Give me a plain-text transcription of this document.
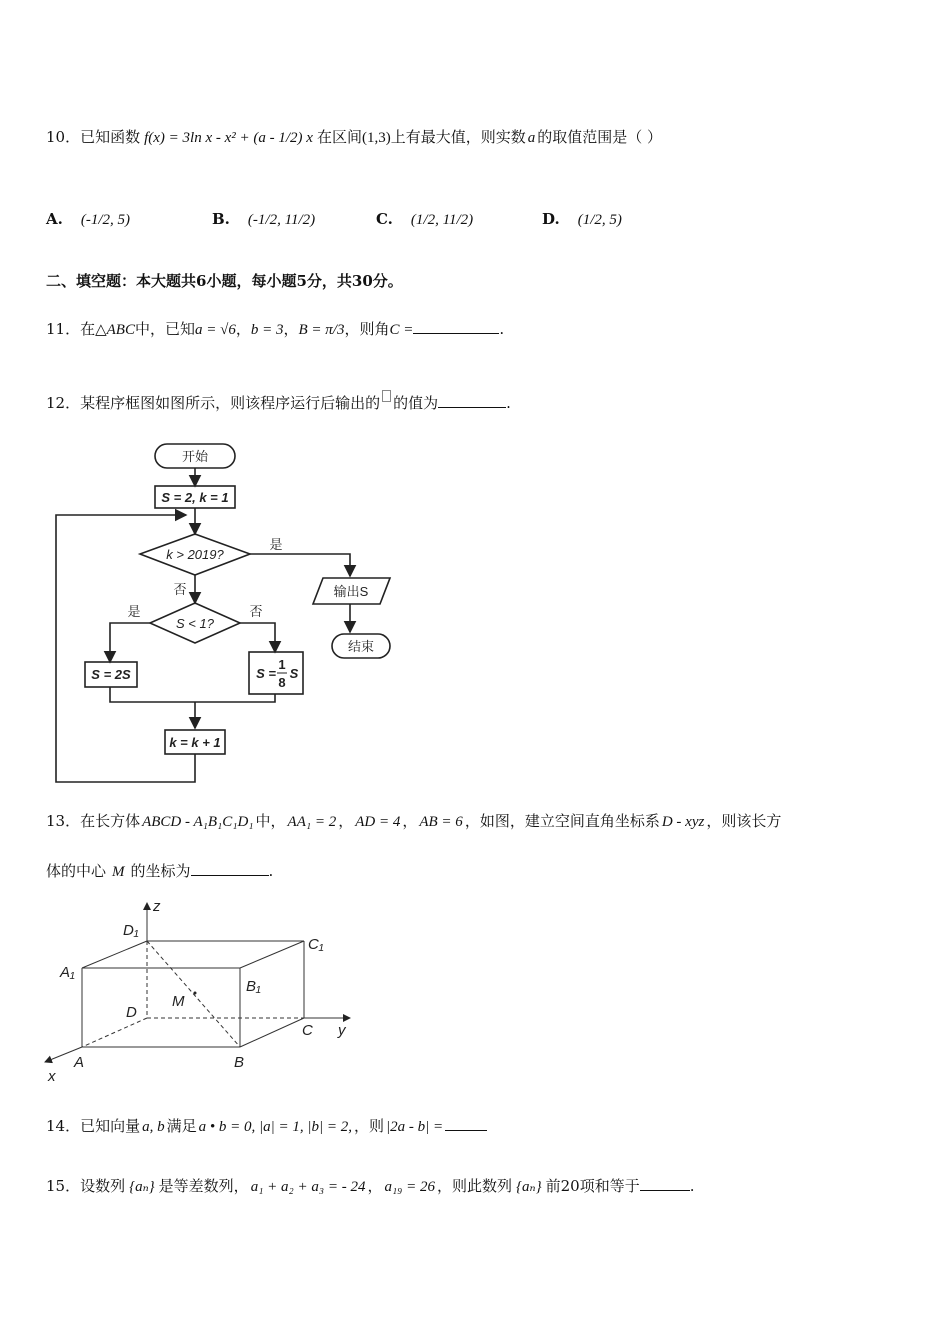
10．已知函数 f(x) = 3ln x - x² + (a - 1/2) x 在区间(1,3)上有最大值，则实数 a 的取值范围是（ ）
A. (-1/2, 5)	B. (-1/2, 11/2)	C. (1/2, 11/2)	D. (1/2, 5)
二、填空题：本大题共6小题，每小题5分，共30分。
11．在△ABC中，已知a = √6，b = 3，B = π/3，则角C =	.
12．某程序框图如图所示，则该程序运行后输出的 的值为	.
开始
S = 2, k = 1
k > 2019?
是
否	输出S
结束
S < 1?
是	否
S = 2S	S =
1
8
S
k = k + 1
13．在长方体 ABCD - A₁B₁C₁D₁ 中， AA₁ = 2 ， AD = 4 ， AB = 6 ，如图，建立空间直角坐标系 D - xyz ，则该长方
体的中心 M 的坐标为	.
z
y
x
D₁
C₁
A₁
B₁
D
C
A	B
M
14．已知向量 a, b 满足 a • b = 0, |a| = 1, |b| = 2, ，则 |2a - b| =
15．设数列 {aₙ} 是等差数列， a₁ + a₂ + a₃ = - 24 ， a₁₉ = 26 ，则此数列 {aₙ} 前20项和等于	.
